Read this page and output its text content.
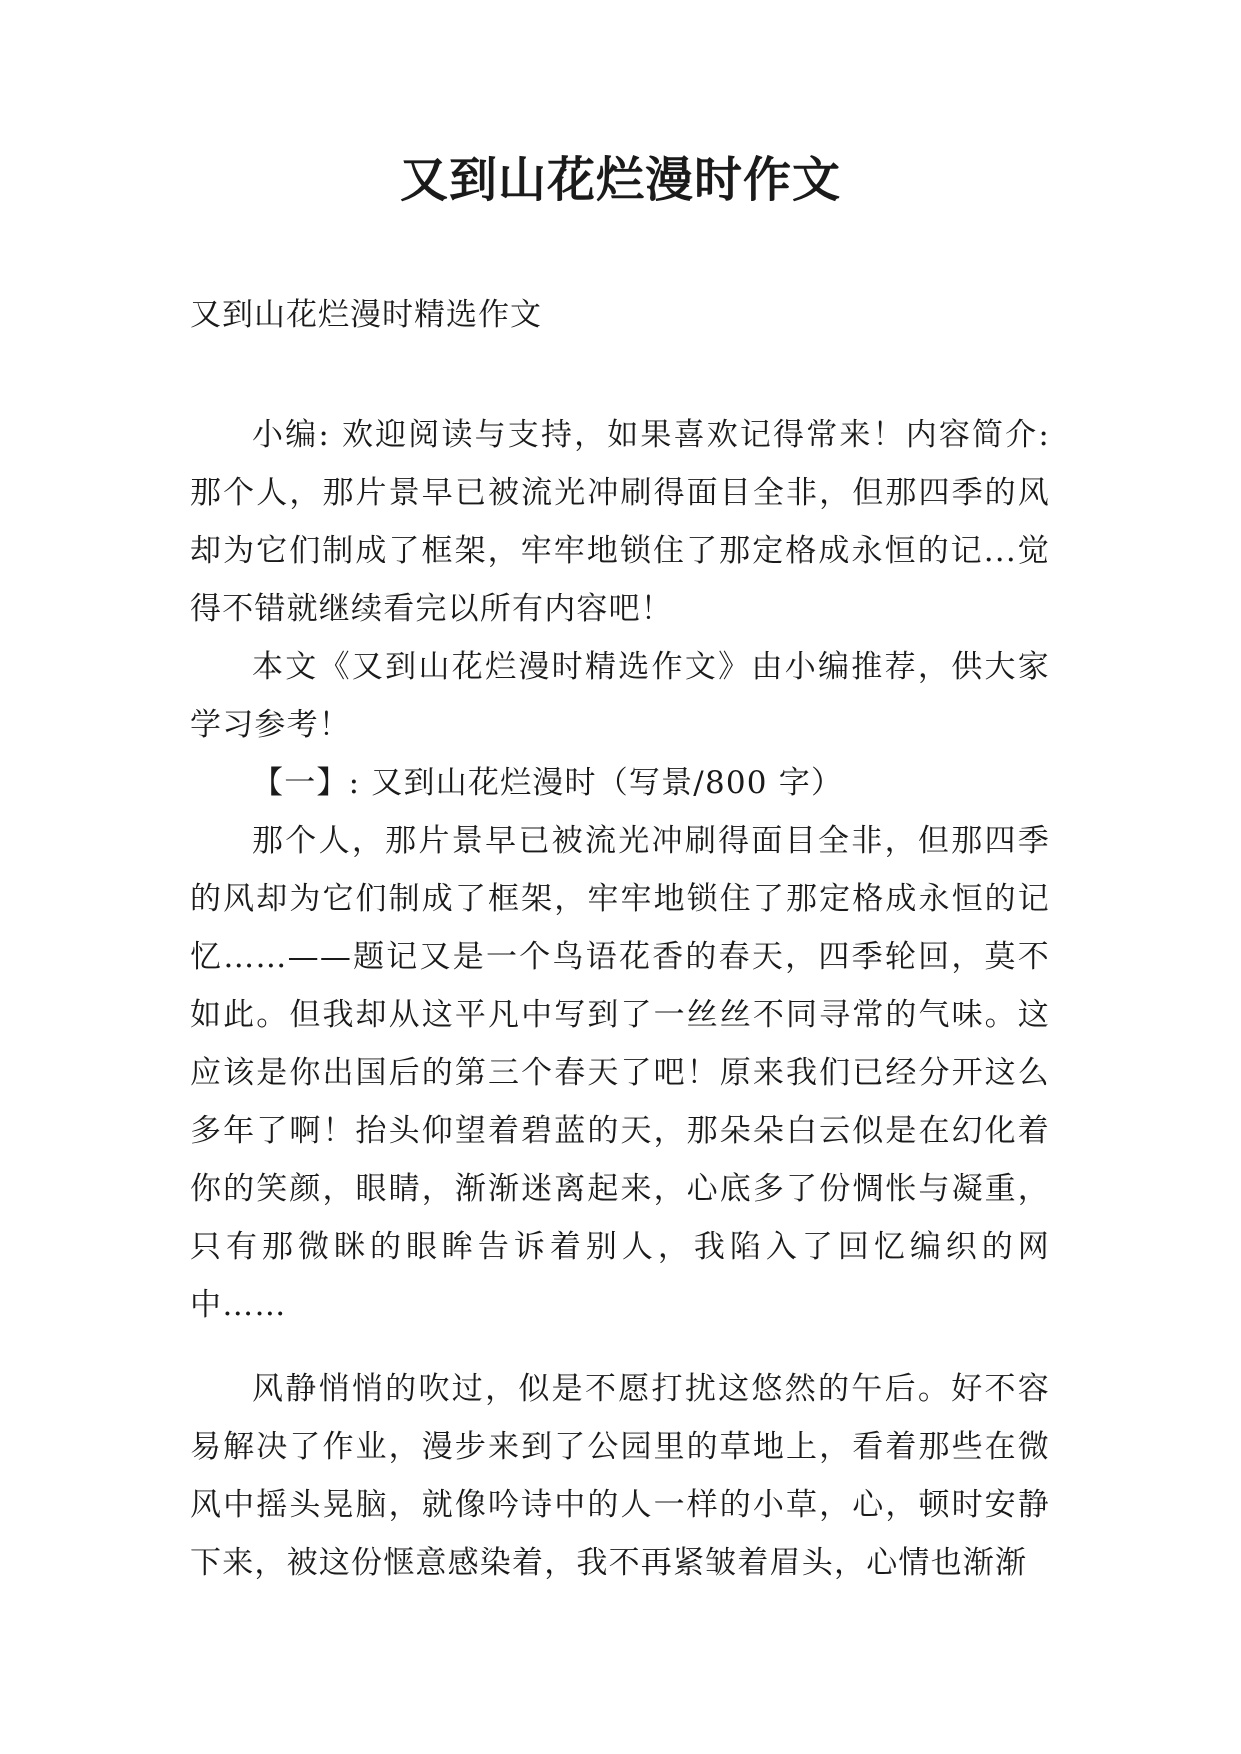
又到山花烂漫时作文
又到山花烂漫时精选作文

小编: 欢迎阅读与支持，如果喜欢记得常来！内容简介: 那个人，那片景早已被流光冲刷得面目全非，但那四季的风却为它们制成了框架，牢牢地锁住了那定格成永恒的记...觉得不错就继续看完以所有内容吧！

本文《又到山花烂漫时精选作文》由小编推荐，供大家学习参考！

【一】: 又到山花烂漫时（写景/800 字）

那个人，那片景早已被流光冲刷得面目全非，但那四季的风却为它们制成了框架，牢牢地锁住了那定格成永恒的记忆……——题记又是一个鸟语花香的春天，四季轮回，莫不如此。但我却从这平凡中写到了一丝丝不同寻常的气味。这应该是你出国后的第三个春天了吧！原来我们已经分开这么多年了啊！抬头仰望着碧蓝的天，那朵朵白云似是在幻化着你的笑颜，眼睛，渐渐迷离起来，心底多了份惆怅与凝重，只有那微眯的眼眸告诉着别人，我陷入了回忆编织的网中……

风静悄悄的吹过，似是不愿打扰这悠然的午后。好不容易解决了作业，漫步来到了公园里的草地上，看着那些在微风中摇头晃脑，就像吟诗中的人一样的小草，心，顿时安静下来，被这份惬意感染着，我不再紧皱着眉头，心情也渐渐
